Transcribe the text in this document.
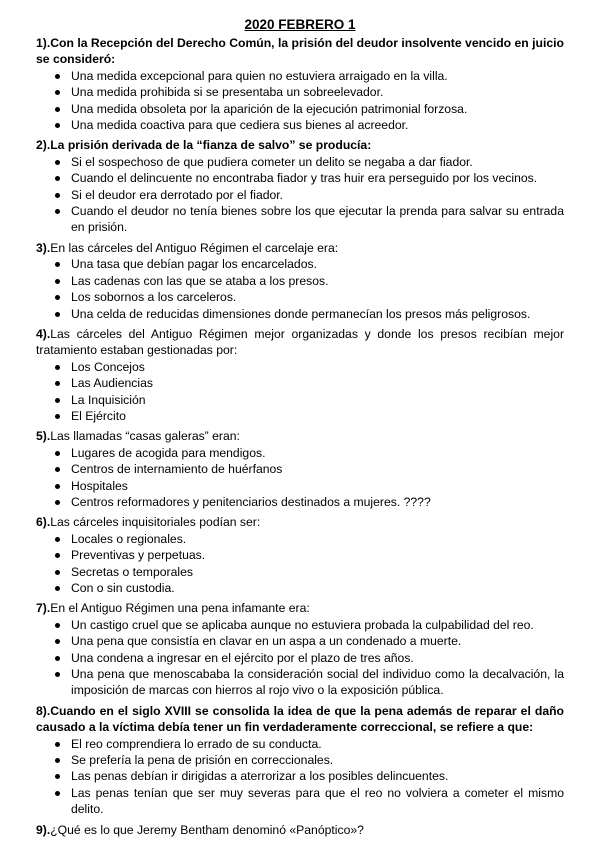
2020 FEBRERO 1

1).Con la Recepción del Derecho Común, la prisión del deudor insolvente vencido en juicio se consideró:

Una medida excepcional para quien no estuviera arraigado en la villa.
Una medida prohibida si se presentaba un sobreelevador.
Una medida obsoleta por la aparición de la ejecución patrimonial forzosa.
Una medida coactiva para que cediera sus bienes al acreedor.

2).La prisión derivada de la “fianza de salvo” se producía:

Si el sospechoso de que pudiera cometer un delito se negaba a dar fiador.
Cuando el delincuente no encontraba fiador y tras huir era perseguido por los vecinos.
Si el deudor era derrotado por el fiador.
Cuando el deudor no tenía bienes sobre los que ejecutar la prenda para salvar su entrada en prisión.

3).En las cárceles del Antiguo Régimen el carcelaje era:

Una tasa que debían pagar los encarcelados.
Las cadenas con las que se ataba a los presos.
Los sobornos a los carceleros.
Una celda de reducidas dimensiones donde permanecían los presos más peligrosos.

4).Las cárceles del Antiguo Régimen mejor organizadas y donde los presos recibían mejor tratamiento estaban gestionadas por:

Los Concejos
Las Audiencias
La Inquisición
El Ejército

5).Las llamadas “casas galeras” eran:

Lugares de acogida para mendigos.
Centros de internamiento de huérfanos
Hospitales
Centros reformadores y penitenciarios destinados a mujeres. ????

6).Las cárceles inquisitoriales podían ser:

Locales o regionales.
Preventivas y perpetuas.
Secretas o temporales
Con o sin custodia.

7).En el Antiguo Régimen una pena infamante era:

Un castigo cruel que se aplicaba aunque no estuviera probada la culpabilidad del reo.
Una pena que consistía en clavar en un aspa a un condenado a muerte.
Una condena a ingresar en el ejército por el plazo de tres años.
Una pena que menoscababa la consideración social del individuo como la decalvación, la imposición de marcas con hierros al rojo vivo o la exposición pública.

8).Cuando en el siglo XVIII se consolida la idea de que la pena además de reparar el daño causado a la víctima debía tener un fin verdaderamente correccional, se refiere a que:

El reo comprendiera lo errado de su conducta.
Se prefería la pena de prisión en correccionales.
Las penas debían ir dirigidas a aterrorizar a los posibles delincuentes.
Las penas tenían que ser muy severas para que el reo no volviera a cometer el mismo delito.

9).¿Qué es lo que Jeremy Bentham denominó «Panóptico»?
